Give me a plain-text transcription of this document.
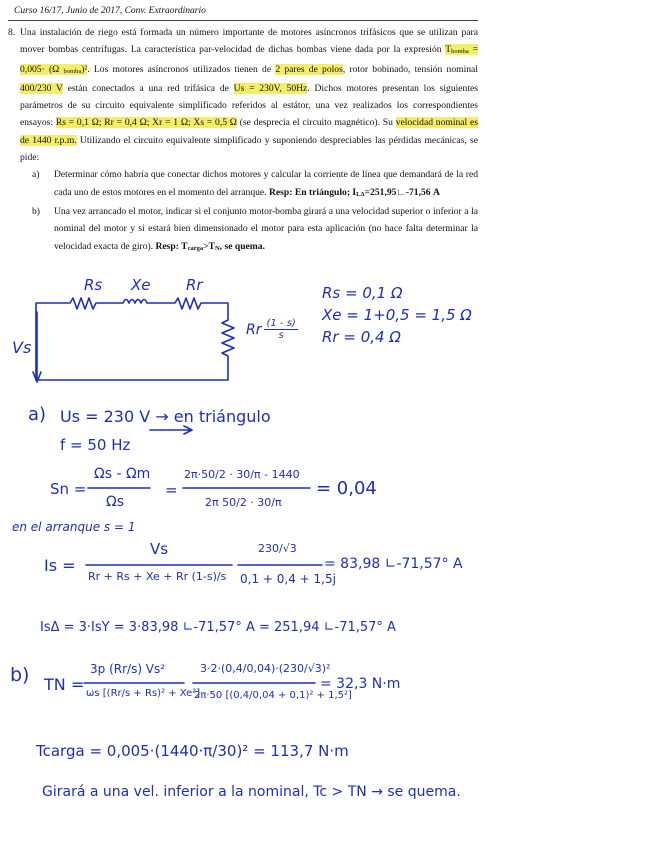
Curso 16/17, Junio de 2017, Conv. Extraordinario
8. Una instalación de riego está formada un número importante de motores asíncronos trifásicos que se utilizan para mover bombas centrífugas. La característica par-velocidad de dichas bombas viene dada por la expresión Tbomba = 0,005· (Ω bomba)². Los motores asíncronos utilizados tienen de 2 pares de polos, rotor bobinado, tensión nominal 400/230 V están conectados a una red trifásica de Us = 230V, 50Hz. Dichos motores presentan los siguientes parámetros de su circuito equivalente simplificado referidos al estátor, una vez realizados los correspondientes ensayos: Rs = 0,1 Ω; Rr = 0,4 Ω; Xr = 1 Ω; Xs = 0,5 Ω (se desprecia el circuito magnético). Su velocidad nominal es de 1440 r.p.m. Utilizando el circuito equivalente simplificado y suponiendo despreciables las pérdidas mecánicas, se pide:
a) Determinar cómo habría que conectar dichos motores y calcular la corriente de línea que demandará de la red cada uno de estos motores en el momento del arranque. Resp: En triángulo; ILΔ=251,95∟-71,56 A
b) Una vez arrancado el motor, indicar si el conjunto motor-bomba girará a una velocidad superior o inferior a la nominal del motor y si estará bien dimensionado el motor para esta aplicación (no hace falta determinar la velocidad exacta de giro). Resp: Tcarga>TN, se quema.
Rs Xe Rr
Vs
Rr $\frac{(1 - s)}{s}$
Rs = 0,1 Ω
Xe = 1+0,5 = 1,5 Ω
Rr = 0,4 Ω
a) Us = 230 V → en triángulo
f = 50 Hz
Sn =
Ωs - Ωm
Ωs
=
2π·50/2 · 30/π - 1440
2π 50/2 · 30/π
= 0,04
en el arranque s = 1
Is =
Vs
Rr + Rs + Xe + Rr (1-s)/s
230/√3
0,1 + 0,4 + 1,5j
= 83,98 ∟-71,57° A
IsΔ = 3·IsY = 3·83,98 ∟-71,57° A = 251,94 ∟-71,57° A
b) TN =
3p (Rr/s) Vs²
ωs [(Rr/s + Rs)² + Xe²]
3·2·(0,4/0,04)·(230/√3)²
2π·50 [(0,4/0,04 + 0,1)² + 1,5²]
= 32,3 N·m
Tcarga = 0,005·(1440·π/30)² = 113,7 N·m
Girará a una vel. inferior a la nominal, Tc > TN → se quema.
